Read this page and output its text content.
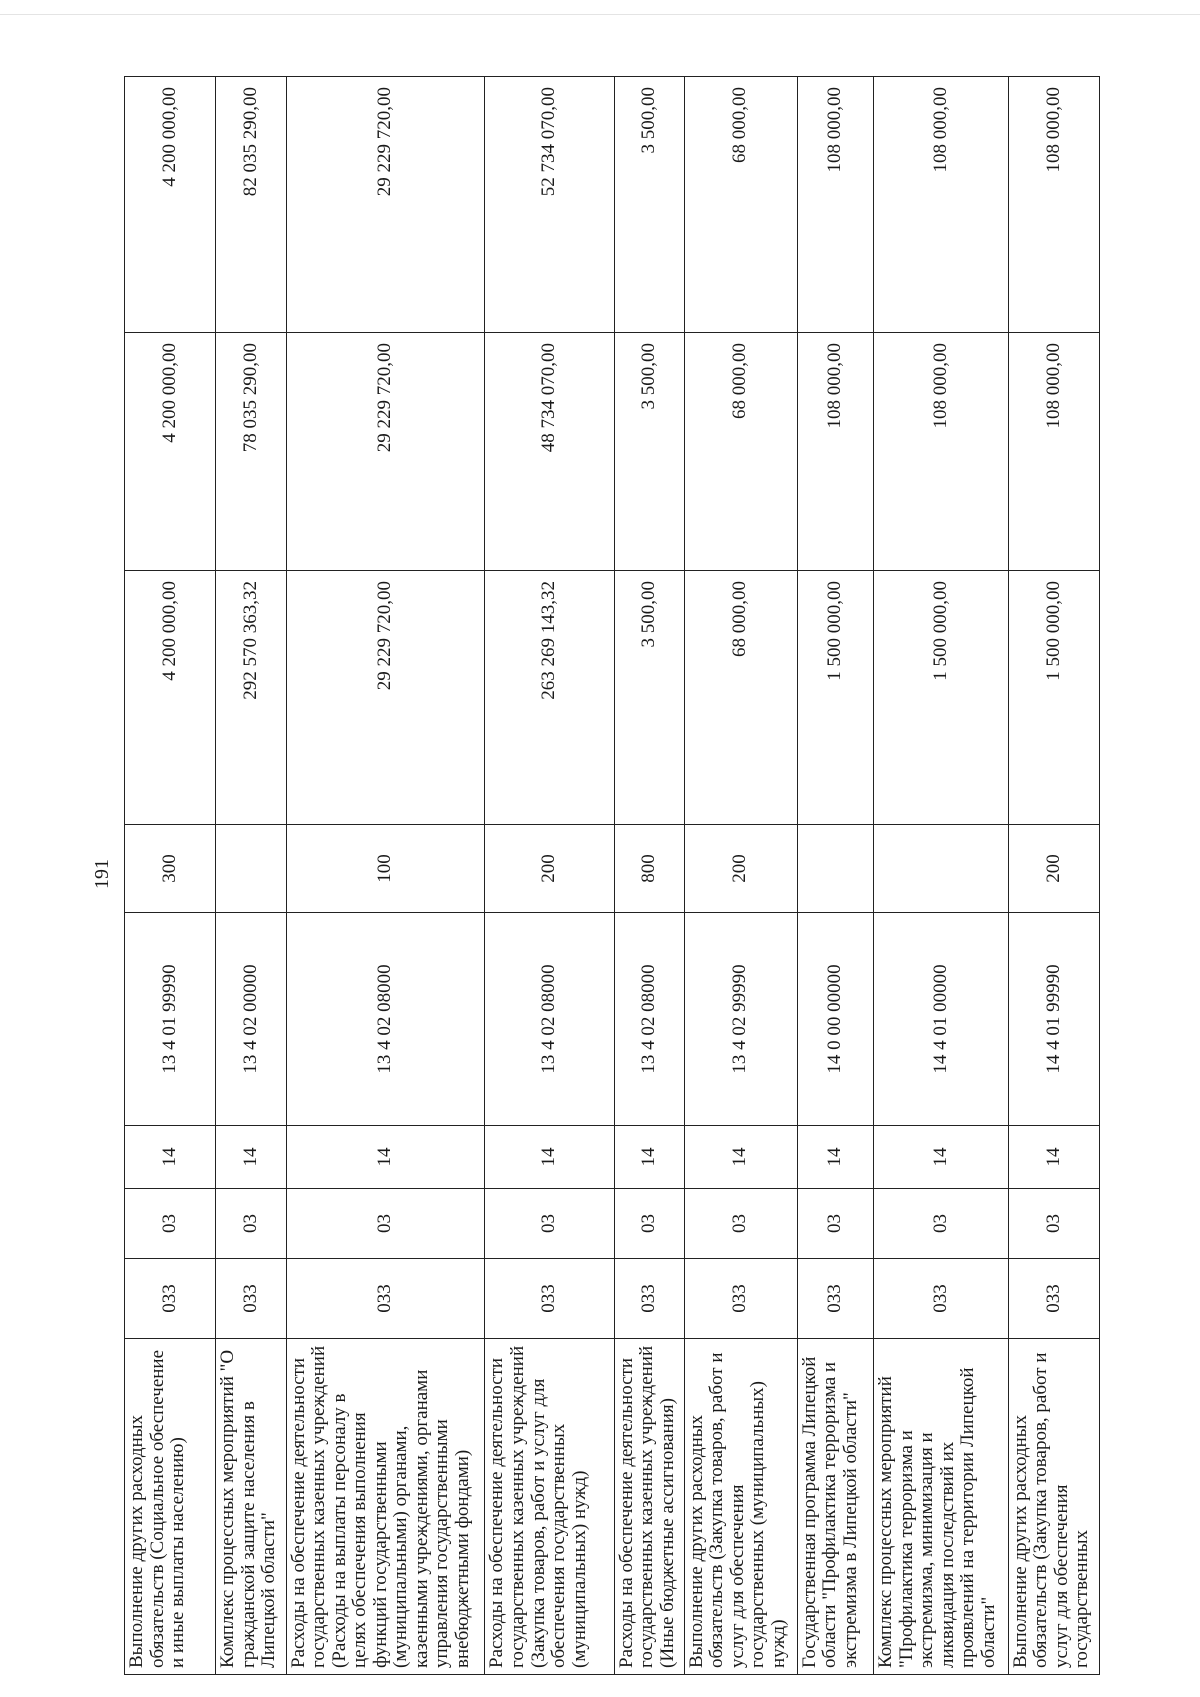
191
Выполнение других расходных обязательств (Социальное обеспечение и иные выплаты населению)	033	03	14	13 4 01 99990	300	4 200 000,00	4 200 000,00	4 200 000,00
Комплекс процессных мероприятий "О гражданской защите населения в Липецкой области"	033	03	14	13 4 02 00000		292 570 363,32	78 035 290,00	82 035 290,00
Расходы на обеспечение деятельности государственных казенных учреждений (Расходы на выплаты персоналу в целях обеспечения выполнения функций государственными (муниципальными) органами, казенными учреждениями, органами управления государственными внебюджетными фондами)	033	03	14	13 4 02 08000	100	29 229 720,00	29 229 720,00	29 229 720,00
Расходы на обеспечение деятельности государственных казенных учреждений (Закупка товаров, работ и услуг для обеспечения государственных (муниципальных) нужд)	033	03	14	13 4 02 08000	200	263 269 143,32	48 734 070,00	52 734 070,00
Расходы на обеспечение деятельности государственных казенных учреждений (Иные бюджетные ассигнования)	033	03	14	13 4 02 08000	800	3 500,00	3 500,00	3 500,00
Выполнение других расходных обязательств (Закупка товаров, работ и услуг для обеспечения государственных (муниципальных) нужд)	033	03	14	13 4 02 99990	200	68 000,00	68 000,00	68 000,00
Государственная программа Липецкой области "Профилактика терроризма и экстремизма в Липецкой области"	033	03	14	14 0 00 00000		1 500 000,00	108 000,00	108 000,00
Комплекс процессных мероприятий "Профилактика терроризма и экстремизма, минимизация и ликвидация последствий их проявлений на территории Липецкой области"	033	03	14	14 4 01 00000		1 500 000,00	108 000,00	108 000,00
Выполнение других расходных обязательств (Закупка товаров, работ и услуг для обеспечения государственных	033	03	14	14 4 01 99990	200	1 500 000,00	108 000,00	108 000,00
